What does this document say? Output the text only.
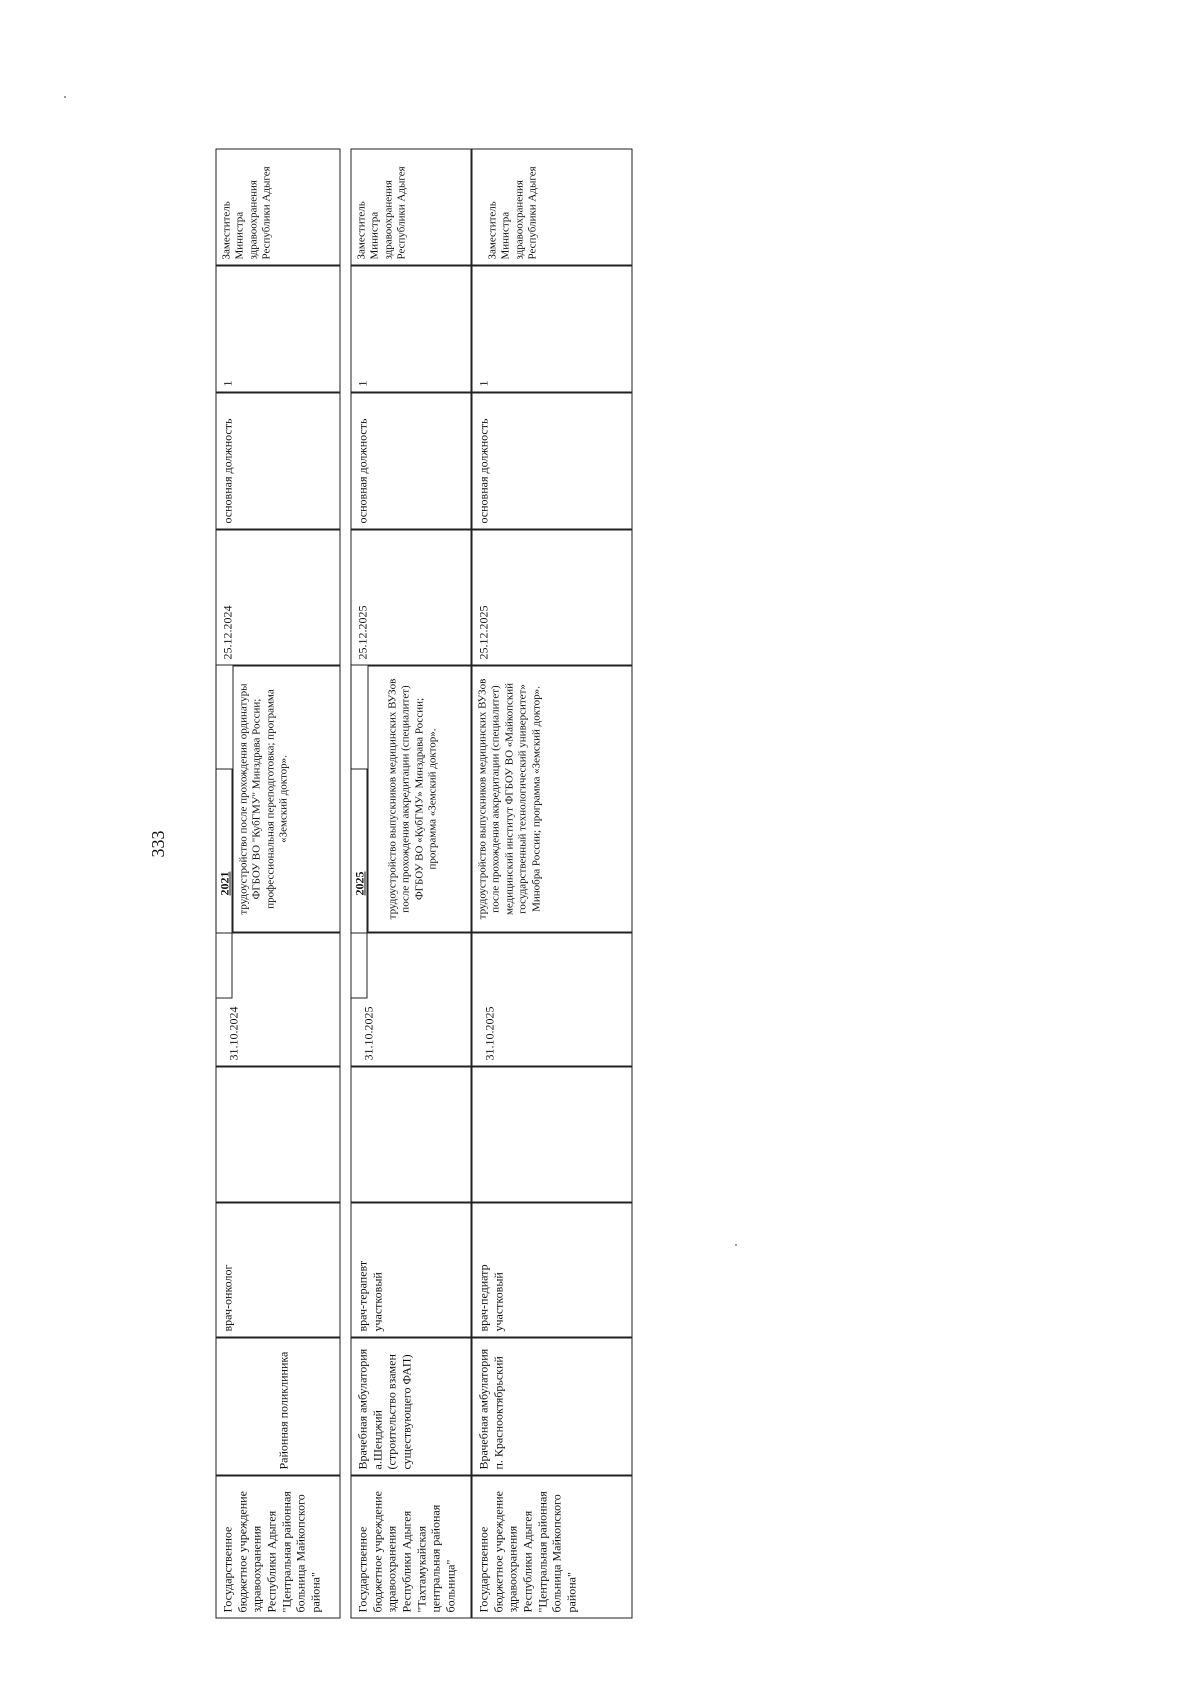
333
2021
Государственное бюджетное учреждение здравоохранения Республики Адыгея "Центральная районная больница Майкопского района"
Районная поликлиника
врач-онколог
31.10.2024
трудоустройство после прохождения ординатуры ФГБОУ ВО "КубГМУ" Минздрава России; профессиональная переподготовка; программа «Земский доктор».
25.12.2024
основная должность
1
Заместитель Министра здравоохранения Республики Адыгея
2025
Государственное бюджетное учреждение здравоохранения Республики Адыгея "Тахтамукайская центральная районая больница"
Врачебная амбулатория а.Шенджий (строительство взамен существующего ФАП)
врач-терапевт участковый
31.10.2025
трудоустройство выпускников медицинских ВУЗов после прохождения аккредитации (специалитет) ФГБОУ ВО «КубГМУ» Минздрава России; программа «Земский доктор».
25.12.2025
основная должность
1
Заместитель Министра здравоохранения Республики Адыгея
Государственное бюджетное учреждение здравоохранения Республики Адыгея "Центральная районная больница Майкопского района"
Врачебная амбулатория п. Краснооктябрьский
врач-педиатр участковый
31.10.2025
трудоустройство выпускников медицинских ВУЗов после прохождения аккредитации (специалитет) медицинский институт ФГБОУ ВО «Майкопский государственный технологический университет» Минобра России; программа «Земский доктор».
25.12.2025
основная должность
1
Заместитель Министра здравоохранения Республики Адыгея
